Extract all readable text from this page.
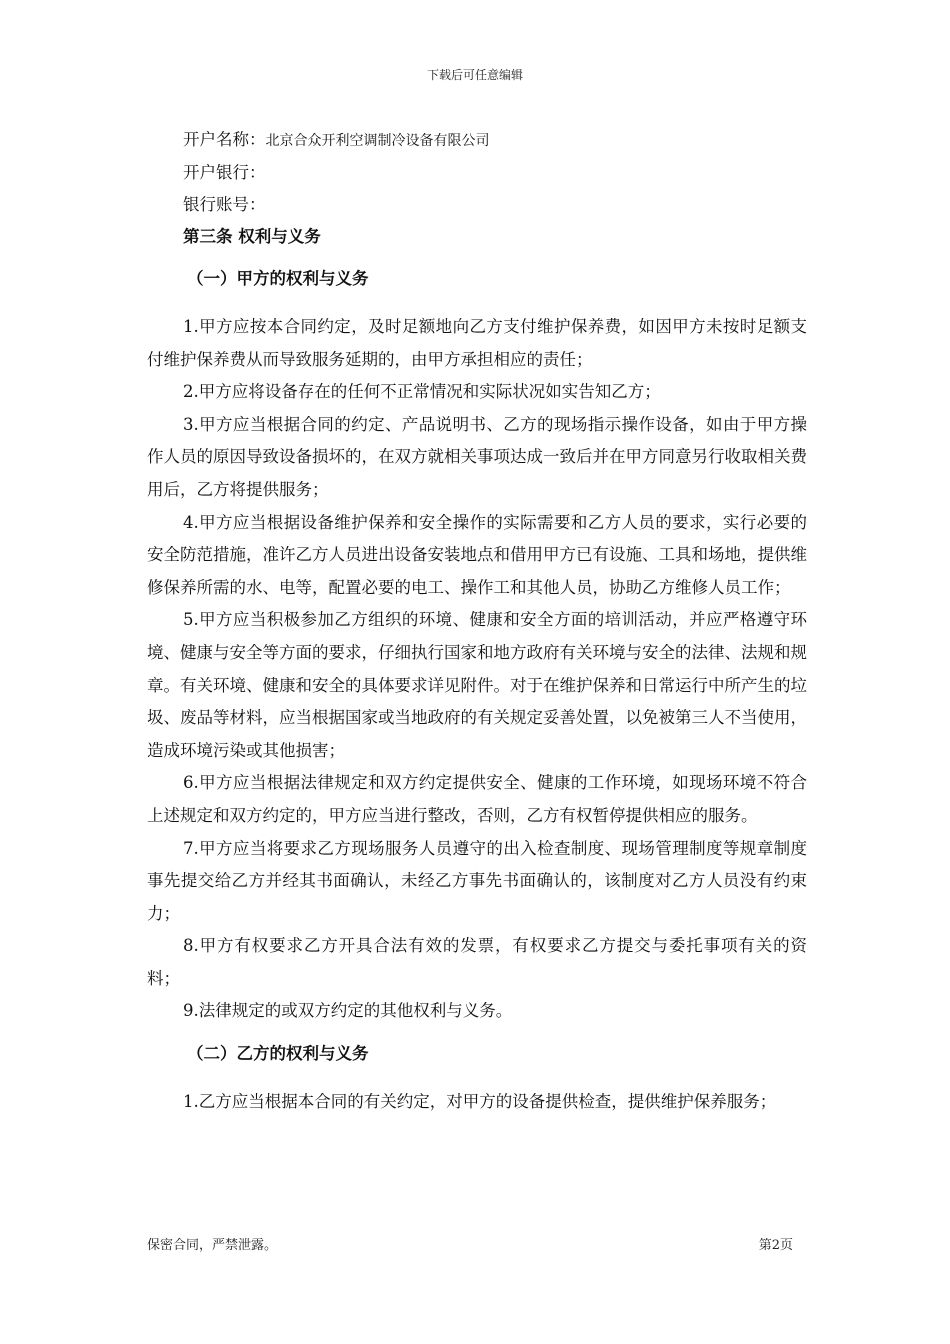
下载后可任意编辑

开户名称：北京合众开利空调制冷设备有限公司

开户银行：

银行账号：

第三条 权利与义务

（一）甲方的权利与义务

1.甲方应按本合同约定，及时足额地向乙方支付维护保养费，如因甲方未按时足额支付维护保养费从而导致服务延期的，由甲方承担相应的责任；

2.甲方应将设备存在的任何不正常情况和实际状况如实告知乙方；

3.甲方应当根据合同的约定、产品说明书、乙方的现场指示操作设备，如由于甲方操作人员的原因导致设备损坏的，在双方就相关事项达成一致后并在甲方同意另行收取相关费用后，乙方将提供服务；

4.甲方应当根据设备维护保养和安全操作的实际需要和乙方人员的要求，实行必要的安全防范措施，准许乙方人员进出设备安装地点和借用甲方已有设施、工具和场地，提供维修保养所需的水、电等，配置必要的电工、操作工和其他人员，协助乙方维修人员工作；

5.甲方应当积极参加乙方组织的环境、健康和安全方面的培训活动，并应严格遵守环境、健康与安全等方面的要求，仔细执行国家和地方政府有关环境与安全的法律、法规和规章。有关环境、健康和安全的具体要求详见附件。对于在维护保养和日常运行中所产生的垃圾、废品等材料，应当根据国家或当地政府的有关规定妥善处置，以免被第三人不当使用，造成环境污染或其他损害；

6.甲方应当根据法律规定和双方约定提供安全、健康的工作环境，如现场环境不符合上述规定和双方约定的，甲方应当进行整改，否则，乙方有权暂停提供相应的服务。

7.甲方应当将要求乙方现场服务人员遵守的出入检查制度、现场管理制度等规章制度事先提交给乙方并经其书面确认，未经乙方事先书面确认的，该制度对乙方人员没有约束力；

8.甲方有权要求乙方开具合法有效的发票，有权要求乙方提交与委托事项有关的资料；

9.法律规定的或双方约定的其他权利与义务。

（二）乙方的权利与义务

1.乙方应当根据本合同的有关约定，对甲方的设备提供检查，提供维护保养服务；

保密合同，严禁泄露。	第2页
